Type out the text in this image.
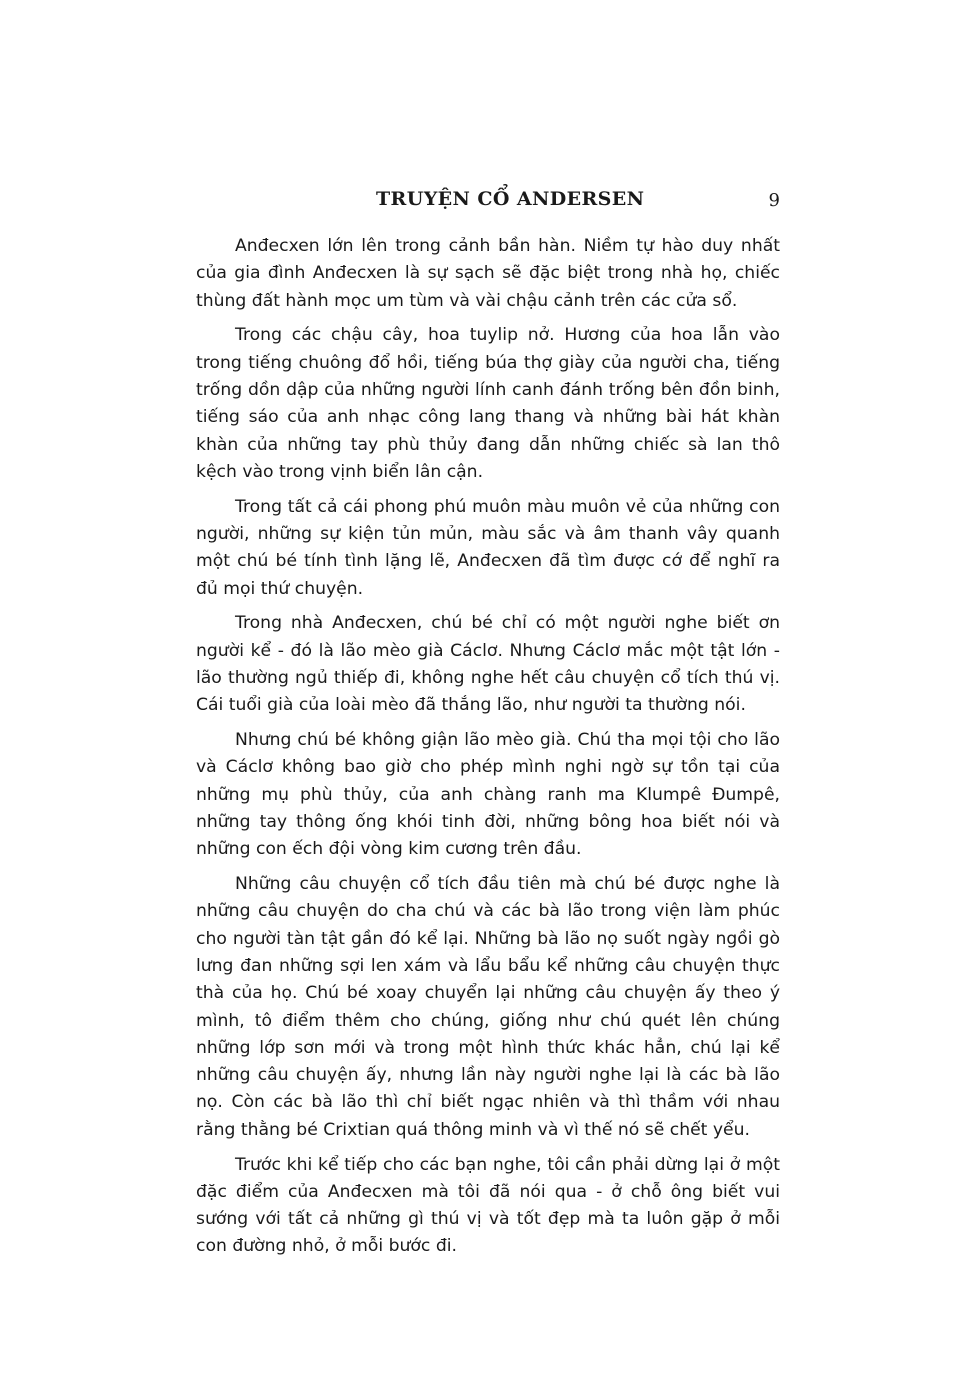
TRUYỆN CỔ ANDERSEN	9

Anđecxen lớn lên trong cảnh bần hàn. Niềm tự hào duy nhất của gia đình Anđecxen là sự sạch sẽ đặc biệt trong nhà họ, chiếc thùng đất hành mọc um tùm và vài chậu cảnh trên các cửa sổ.

Trong các chậu cây, hoa tuylip nở. Hương của hoa lẫn vào trong tiếng chuông đổ hồi, tiếng búa thợ giày của người cha, tiếng trống dồn dập của những người lính canh đánh trống bên đồn binh, tiếng sáo của anh nhạc công lang thang và những bài hát khàn khàn của những tay phù thủy đang dẫn những chiếc sà lan thô kệch vào trong vịnh biển lân cận.

Trong tất cả cái phong phú muôn màu muôn vẻ của những con người, những sự kiện tủn mủn, màu sắc và âm thanh vây quanh một chú bé tính tình lặng lẽ, Anđecxen đã tìm được cớ để nghĩ ra đủ mọi thứ chuyện.

Trong nhà Anđecxen, chú bé chỉ có một người nghe biết ơn người kể - đó là lão mèo già Cáclơ. Nhưng Cáclơ mắc một tật lớn - lão thường ngủ thiếp đi, không nghe hết câu chuyện cổ tích thú vị. Cái tuổi già của loài mèo đã thắng lão, như người ta thường nói.

Nhưng chú bé không giận lão mèo già. Chú tha mọi tội cho lão và Cáclơ không bao giờ cho phép mình nghi ngờ sự tồn tại của những mụ phù thủy, của anh chàng ranh ma Klumpê Đumpê, những tay thông ống khói tinh đời, những bông hoa biết nói và những con ếch đội vòng kim cương trên đầu.

Những câu chuyện cổ tích đầu tiên mà chú bé được nghe là những câu chuyện do cha chú và các bà lão trong viện làm phúc cho người tàn tật gần đó kể lại. Những bà lão nọ suốt ngày ngồi gò lưng đan những sợi len xám và lẩu bẩu kể những câu chuyện thực thà của họ. Chú bé xoay chuyển lại những câu chuyện ấy theo ý mình, tô điểm thêm cho chúng, giống như chú quét lên chúng những lớp sơn mới và trong một hình thức khác hẳn, chú lại kể những câu chuyện ấy, nhưng lần này người nghe lại là các bà lão nọ. Còn các bà lão thì chỉ biết ngạc nhiên và thì thầm với nhau rằng thằng bé Crixtian quá thông minh và vì thế nó sẽ chết yểu.

Trước khi kể tiếp cho các bạn nghe, tôi cần phải dừng lại ở một đặc điểm của Anđecxen mà tôi đã nói qua - ở chỗ ông biết vui sướng với tất cả những gì thú vị và tốt đẹp mà ta luôn gặp ở mỗi con đường nhỏ, ở mỗi bước đi.
